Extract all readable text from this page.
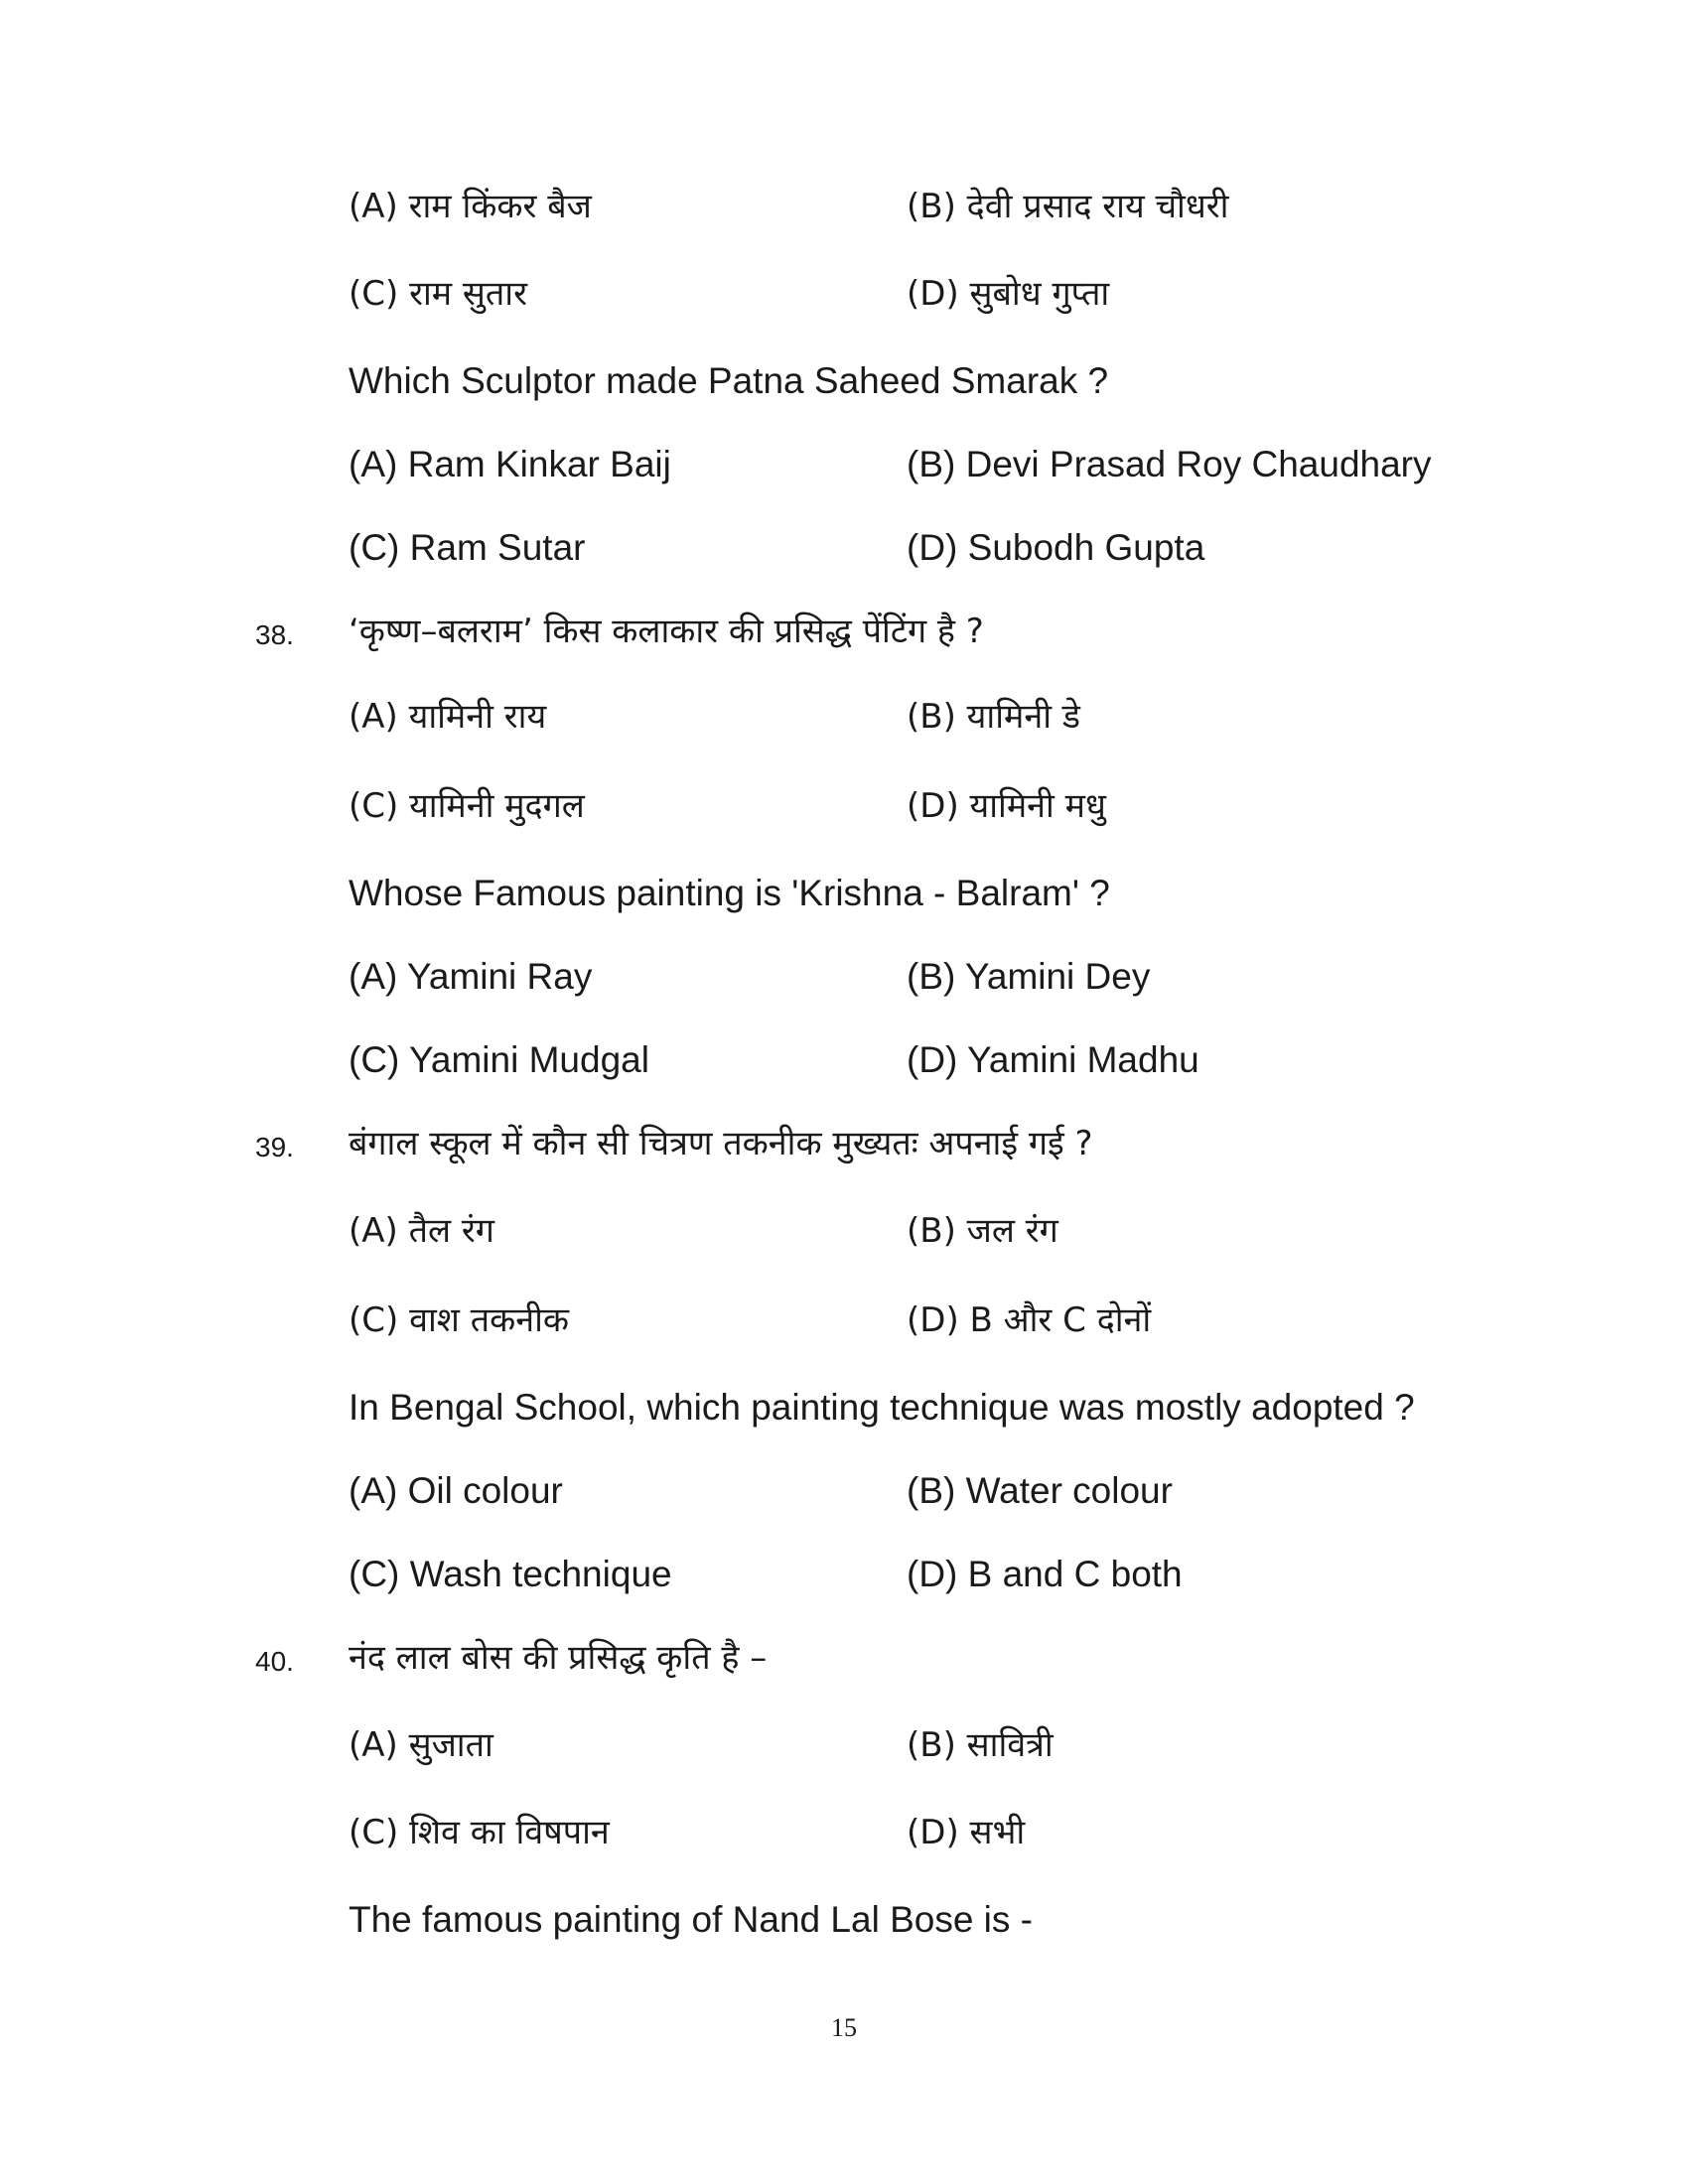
(A) राम किंकर बैज	(B) देवी प्रसाद राय चौधरी
(C) राम सुतार	(D) सुबोध गुप्ता
Which Sculptor made Patna Saheed Smarak ?
(A) Ram Kinkar Baij	(B) Devi Prasad Roy Chaudhary
(C) Ram Sutar	(D) Subodh Gupta
38. ‘कृष्ण–बलराम’ किस कलाकार की प्रसिद्ध पेंटिंग है ?
(A) यामिनी राय	(B) यामिनी डे
(C) यामिनी मुदगल	(D) यामिनी मधु
Whose Famous painting is 'Krishna - Balram' ?
(A) Yamini Ray	(B) Yamini Dey
(C) Yamini Mudgal	(D) Yamini Madhu
39. बंगाल स्कूल में कौन सी चित्रण तकनीक मुख्यतः अपनाई गई ?
(A) तैल रंग	(B) जल रंग
(C) वाश तकनीक	(D) B और C दोनों
In Bengal School, which painting technique was mostly adopted ?
(A) Oil colour	(B) Water colour
(C) Wash technique	(D) B and C both
40. नंद लाल बोस की प्रसिद्ध कृति है –
(A) सुजाता	(B) सावित्री
(C) शिव का विषपान	(D) सभी
The famous painting of Nand Lal Bose is -
15
